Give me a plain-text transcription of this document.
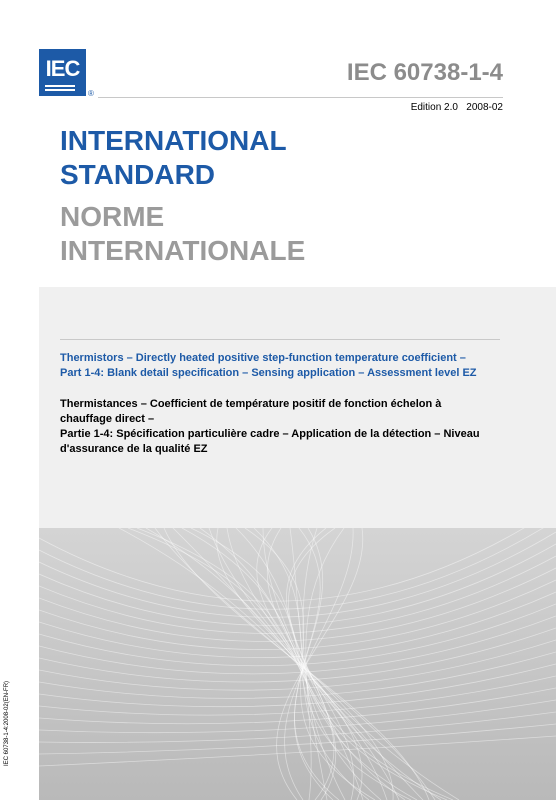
IEC
®
IEC 60738-1-4
Edition 2.0 2008-02
INTERNATIONAL
STANDARD
NORME
INTERNATIONALE
Thermistors – Directly heated positive step-function temperature coefficient –
Part 1-4: Blank detail specification – Sensing application – Assessment level EZ
Thermistances – Coefficient de température positif de fonction échelon à
chauffage direct –
Partie 1-4: Spécification particulière cadre – Application de la détection – Niveau
d'assurance de la qualité EZ
IEC 60738-1-4:2008-02(EN-FR)
